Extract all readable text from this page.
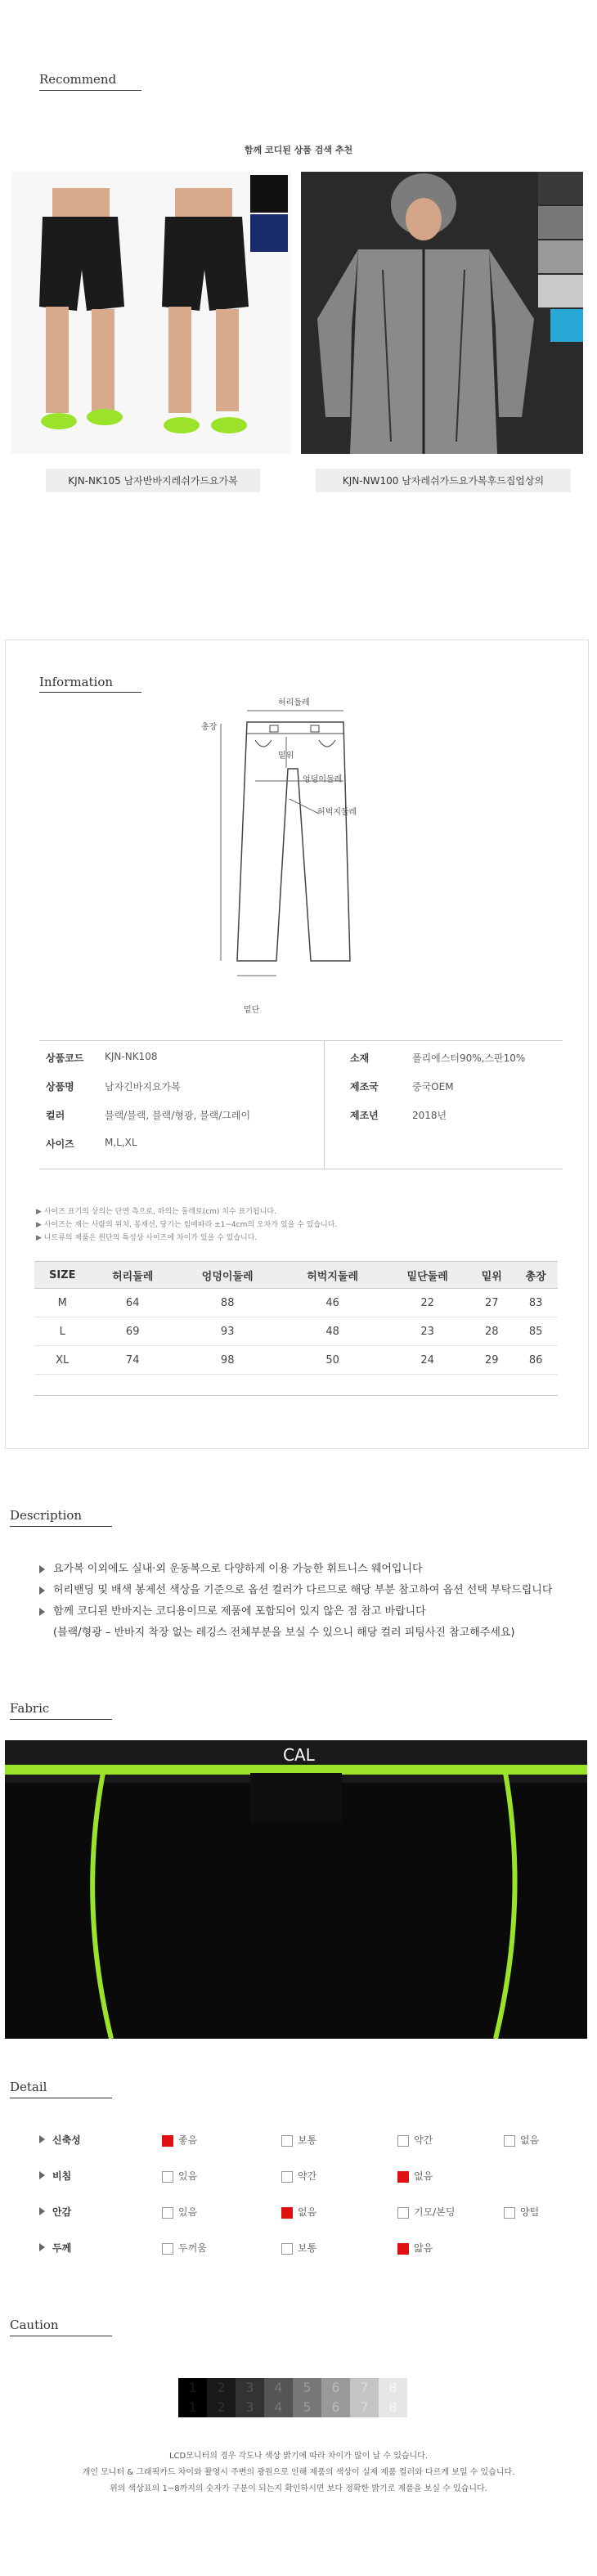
Recommend
함께 코디된 상품 검색 추천
KJN-NK105 남자반바지레쉬가드요가복	KJN-NW100 남자레쉬가드요가복후드집업상의
Information
허리둘레
총장
밑위
엉덩이둘레
허벅지둘레
밑단
상품코드 KJN-NK108
상품명	남자긴바지요가복
컬러	블랙/블랙, 블랙/형광, 블랙/그레이
사이즈	M,L,XL
소재	폴리에스터90%,스판10%
제조국	중국OEM
제조년	2018년
▶ 사이즈 표기의 상의는 단면 측으로, 하의는 둘레로(cm) 치수 표기됩니다.
▶ 사이즈는 재는 사람의 위치, 봉재선, 당기는 힘에따라 ±1~4cm의 오차가 있을 수 있습니다.
▶ 니트류의 제품은 원단의 특성상 사이즈에 차이가 있을 수 있습니다.
SIZE	허리둘레	엉덩이둘레	허벅지둘레	밑단둘레	밑위	총장
M	64	88	46	22	27	83
L	69	93	48	23	28	85
XL	74	98	50	24	29	86
Description
요가복 이외에도 실내·외 운동복으로 다양하게 이용 가능한 휘트니스 웨어입니다
허리밴딩 및 배색 봉제선 색상을 기준으로 옵션 컬러가 다르므로 해당 부분 참고하여 옵션 선택 부탁드립니다
함께 코디된 반바지는 코디용이므로 제품에 포함되어 있지 않은 점 참고 바랍니다
(블랙/형광 – 반바지 착장 없는 레깅스 전체부분을 보실 수 있으니 해당 컬러 피팅사진 참고해주세요)
Fabric
CAL
Detail
신축성	좋음	보통	약간	없음
비침	있음	약간	없음
안감	있음	없음	기모/본딩	양털
두께	두꺼움	보통	얇음
Caution
1
1
2
2
3
3
4
4
5
5
6
6
7
7
8
8
LCD모니터의 경우 각도나 색상 밝기에 따라 차이가 많이 날 수 있습니다.
개인 모니터 & 그래픽카드 차이와 촬영시 주변의 광원으로 인해 제품의 색상이 실제 제품 컬러와 다르게 보일 수 있습니다.
위의 색상표의 1~8까지의 숫자가 구분이 되는지 확인하시면 보다 정확한 밝기로 제품을 보실 수 있습니다.
